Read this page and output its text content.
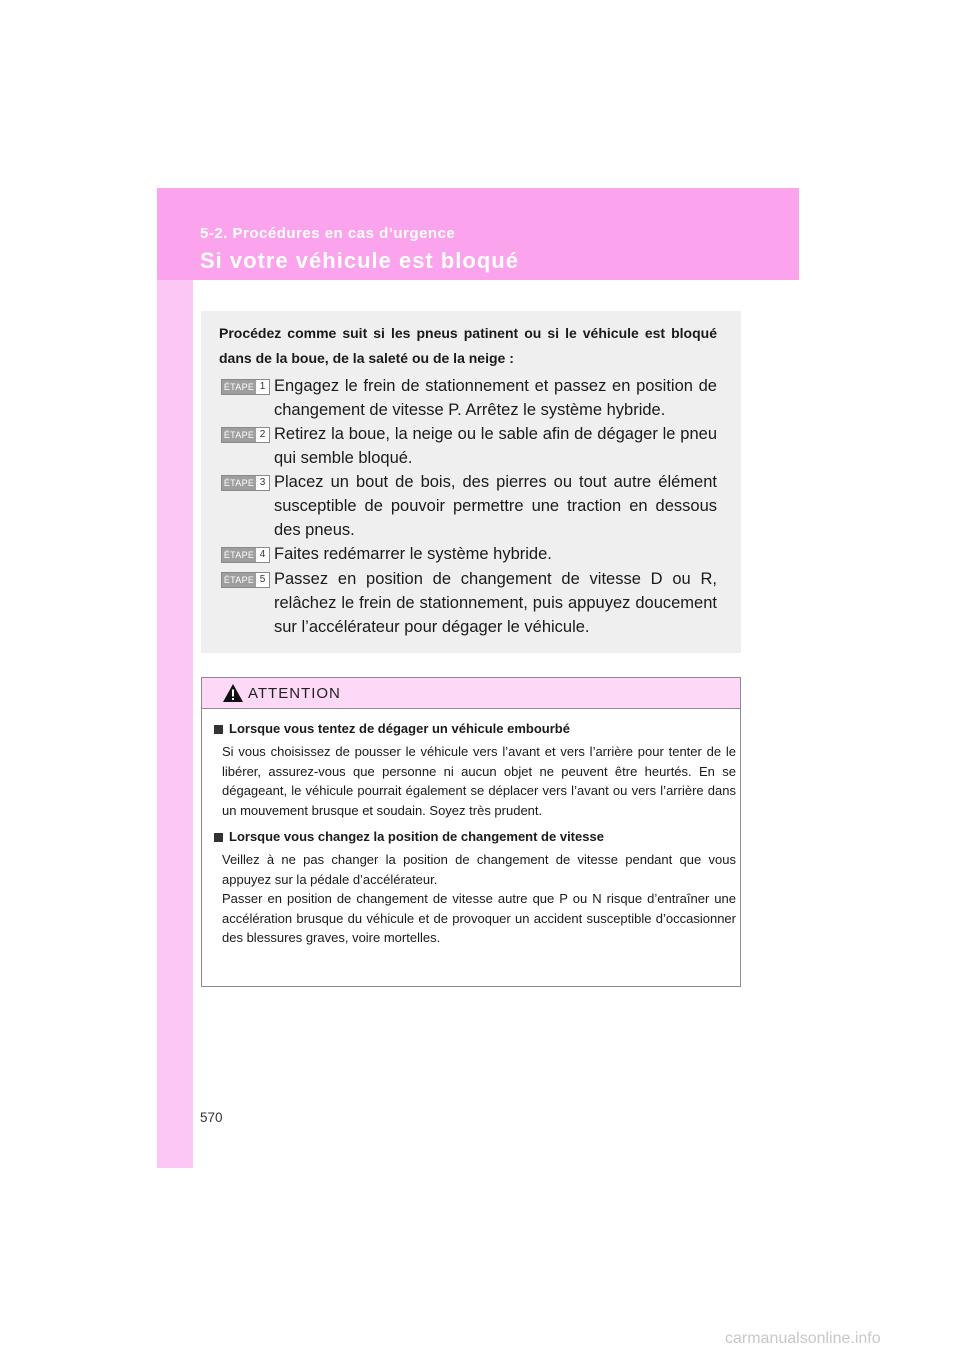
5-2. Procédures en cas d’urgence
Si votre véhicule est bloqué
Procédez comme suit si les pneus patinent ou si le véhicule est bloqué dans de la boue, de la saleté ou de la neige :
ÉTAPE 1 Engagez le frein de stationnement et passez en position de changement de vitesse P. Arrêtez le système hybride.
ÉTAPE 2 Retirez la boue, la neige ou le sable afin de dégager le pneu qui semble bloqué.
ÉTAPE 3 Placez un bout de bois, des pierres ou tout autre élément susceptible de pouvoir permettre une traction en dessous des pneus.
ÉTAPE 4 Faites redémarrer le système hybride.
ÉTAPE 5 Passez en position de changement de vitesse D ou R, relâchez le frein de stationnement, puis appuyez doucement sur l’accélérateur pour dégager le véhicule.
ATTENTION
Lorsque vous tentez de dégager un véhicule embourbé
Si vous choisissez de pousser le véhicule vers l’avant et vers l’arrière pour tenter de le libérer, assurez-vous que personne ni aucun objet ne peuvent être heurtés. En se dégageant, le véhicule pourrait également se déplacer vers l’avant ou vers l’arrière dans un mouvement brusque et soudain. Soyez très prudent.
Lorsque vous changez la position de changement de vitesse
Veillez à ne pas changer la position de changement de vitesse pendant que vous appuyez sur la pédale d’accélérateur.
Passer en position de changement de vitesse autre que P ou N risque d’entraîner une accélération brusque du véhicule et de provoquer un accident susceptible d’occasionner des blessures graves, voire mortelles.
570
carmanualsonline.info
